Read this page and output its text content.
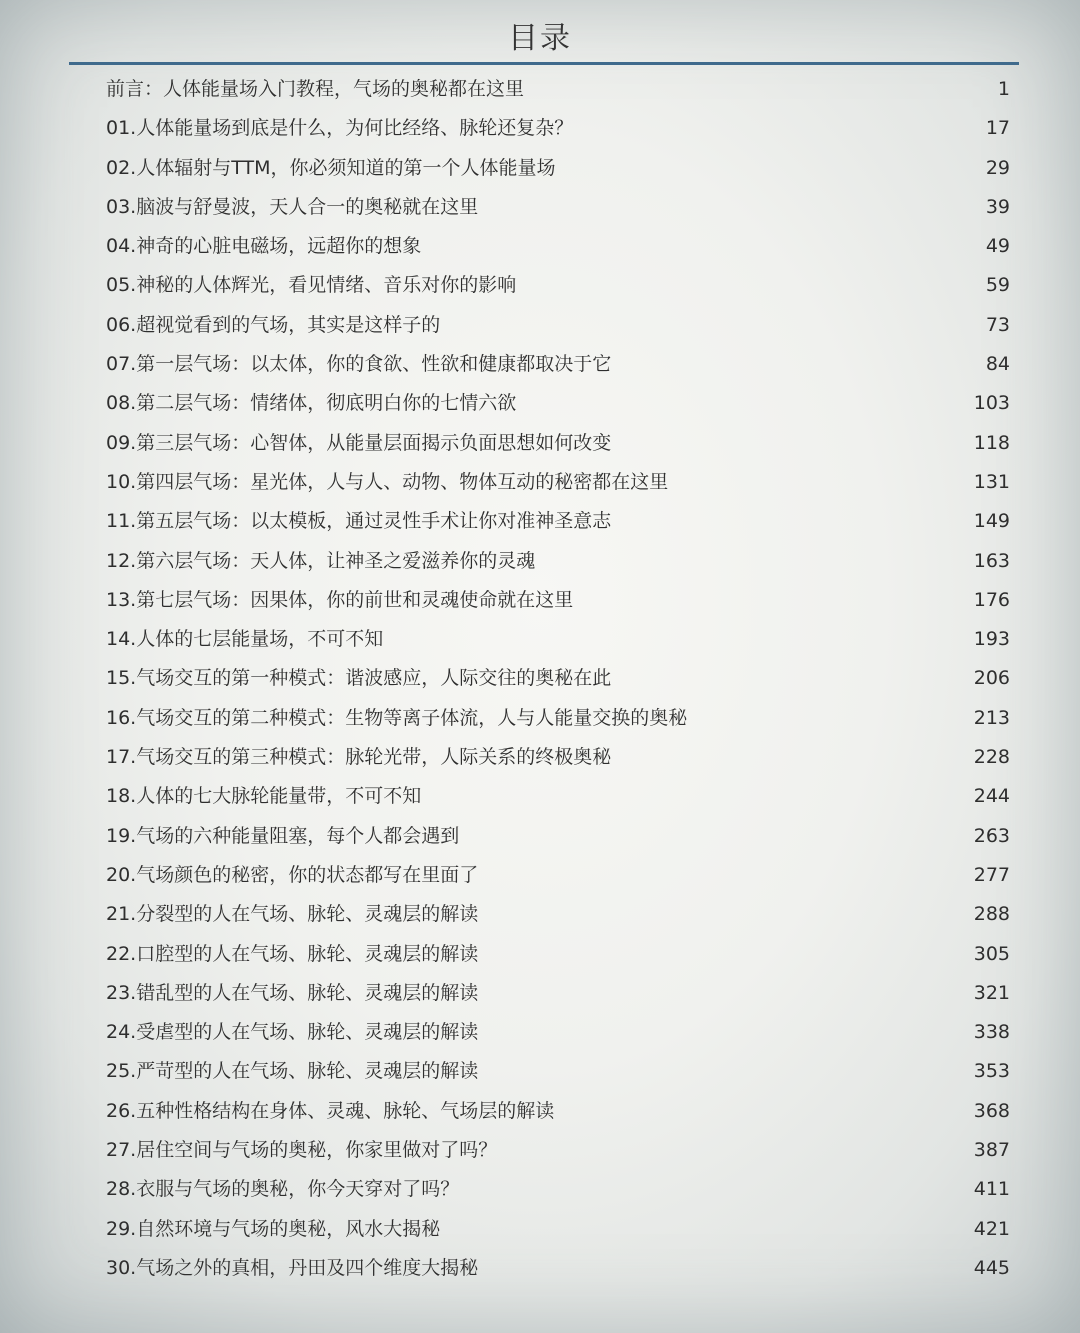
目录
前言：人体能量场入门教程，气场的奥秘都在这里	1
01.人体能量场到底是什么，为何比经络、脉轮还复杂？	17
02.人体辐射与TTM，你必须知道的第一个人体能量场	29
03.脑波与舒曼波，天人合一的奥秘就在这里	39
04.神奇的心脏电磁场，远超你的想象	49
05.神秘的人体辉光，看见情绪、音乐对你的影响	59
06.超视觉看到的气场，其实是这样子的	73
07.第一层气场：以太体，你的食欲、性欲和健康都取决于它	84
08.第二层气场：情绪体，彻底明白你的七情六欲	103
09.第三层气场：心智体，从能量层面揭示负面思想如何改变	118
10.第四层气场：星光体，人与人、动物、物体互动的秘密都在这里	131
11.第五层气场：以太模板，通过灵性手术让你对准神圣意志	149
12.第六层气场：天人体，让神圣之爱滋养你的灵魂	163
13.第七层气场：因果体，你的前世和灵魂使命就在这里	176
14.人体的七层能量场，不可不知	193
15.气场交互的第一种模式：谐波感应，人际交往的奥秘在此	206
16.气场交互的第二种模式：生物等离子体流，人与人能量交换的奥秘	213
17.气场交互的第三种模式：脉轮光带，人际关系的终极奥秘	228
18.人体的七大脉轮能量带，不可不知	244
19.气场的六种能量阻塞，每个人都会遇到	263
20.气场颜色的秘密，你的状态都写在里面了	277
21.分裂型的人在气场、脉轮、灵魂层的解读	288
22.口腔型的人在气场、脉轮、灵魂层的解读	305
23.错乱型的人在气场、脉轮、灵魂层的解读	321
24.受虐型的人在气场、脉轮、灵魂层的解读	338
25.严苛型的人在气场、脉轮、灵魂层的解读	353
26.五种性格结构在身体、灵魂、脉轮、气场层的解读	368
27.居住空间与气场的奥秘，你家里做对了吗？	387
28.衣服与气场的奥秘，你今天穿对了吗？	411
29.自然环境与气场的奥秘，风水大揭秘	421
30.气场之外的真相，丹田及四个维度大揭秘	445
